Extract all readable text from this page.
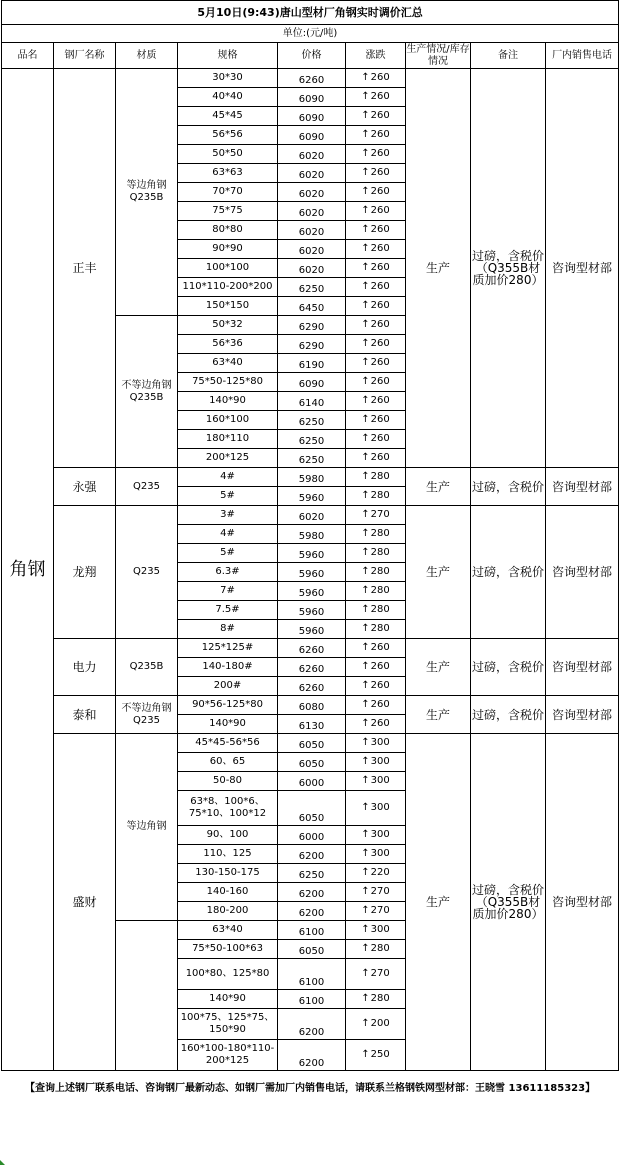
5月10日(9:43)唐山型材厂角钢实时调价汇总								
单位:(元/吨)								
品名	钢厂名称	材质	规格	价格	涨跌	生产情况/库存情况	备注	厂内销售电话
角钢	正丰	等边角钢Q235B	30*30	6260	↑ 260	生产	过磅，含税价（Q355B材质加价280）	咨询型材部
			40*40	6090	↑ 260
			45*45	6090	↑ 260
			56*56	6090	↑ 260
			50*50	6020	↑ 260
			63*63	6020	↑ 260
			70*70	6020	↑ 260
			75*75	6020	↑ 260
			80*80	6020	↑ 260
			90*90	6020	↑ 260
			100*100	6020	↑ 260
			110*110-200*200	6250	↑ 260
			150*150	6450	↑ 260
		不等边角钢Q235B	50*32	6290	↑ 260
			56*36	6290	↑ 260
			63*40	6190	↑ 260
			75*50-125*80	6090	↑ 260
			140*90	6140	↑ 260
			160*100	6250	↑ 260
			180*110	6250	↑ 260
			200*125	6250	↑ 260
	永强	Q235	4#	5980	↑ 280	生产	过磅，含税价	咨询型材部
			5#	5960	↑ 280
	龙翔	Q235	3#	6020	↑ 270	生产	过磅，含税价	咨询型材部
			4#	5980	↑ 280
			5#	5960	↑ 280
			6.3#	5960	↑ 280
			7#	5960	↑ 280
			7.5#	5960	↑ 280
			8#	5960	↑ 280
	电力	Q235B	125*125#	6260	↑ 260	生产	过磅，含税价	咨询型材部
			140-180#	6260	↑ 260
			200#	6260	↑ 260
	泰和	不等边角钢Q235	90*56-125*80	6080	↑ 260	生产	过磅，含税价	咨询型材部
			140*90	6130	↑ 260
	盛财	等边角钢	45*45-56*56	6050	↑ 300	生产	过磅，含税价（Q355B材质加价280）	咨询型材部
			60、65	6050	↑ 300
			50-80	6000	↑ 300
			63*8、100*6、75*10、100*12	6050	↑ 300
			90、100	6000	↑ 300
			110、125	6200	↑ 300
			130-150-175	6250	↑ 220
			140-160	6200	↑ 270
			180-200	6200	↑ 270
			63*40	6100	↑ 300
			75*50-100*63	6050	↑ 280
			100*80、125*80	6100	↑ 270
			140*90	6100	↑ 280
			100*75、125*75、150*90	6200	↑ 200
			160*100-180*110-200*125	6200	↑ 250
【查询上述钢厂联系电话、咨询钢厂最新动态、如钢厂需加厂内销售电话，请联系兰格钢铁网型材部：王晓雪 13611185323】								
